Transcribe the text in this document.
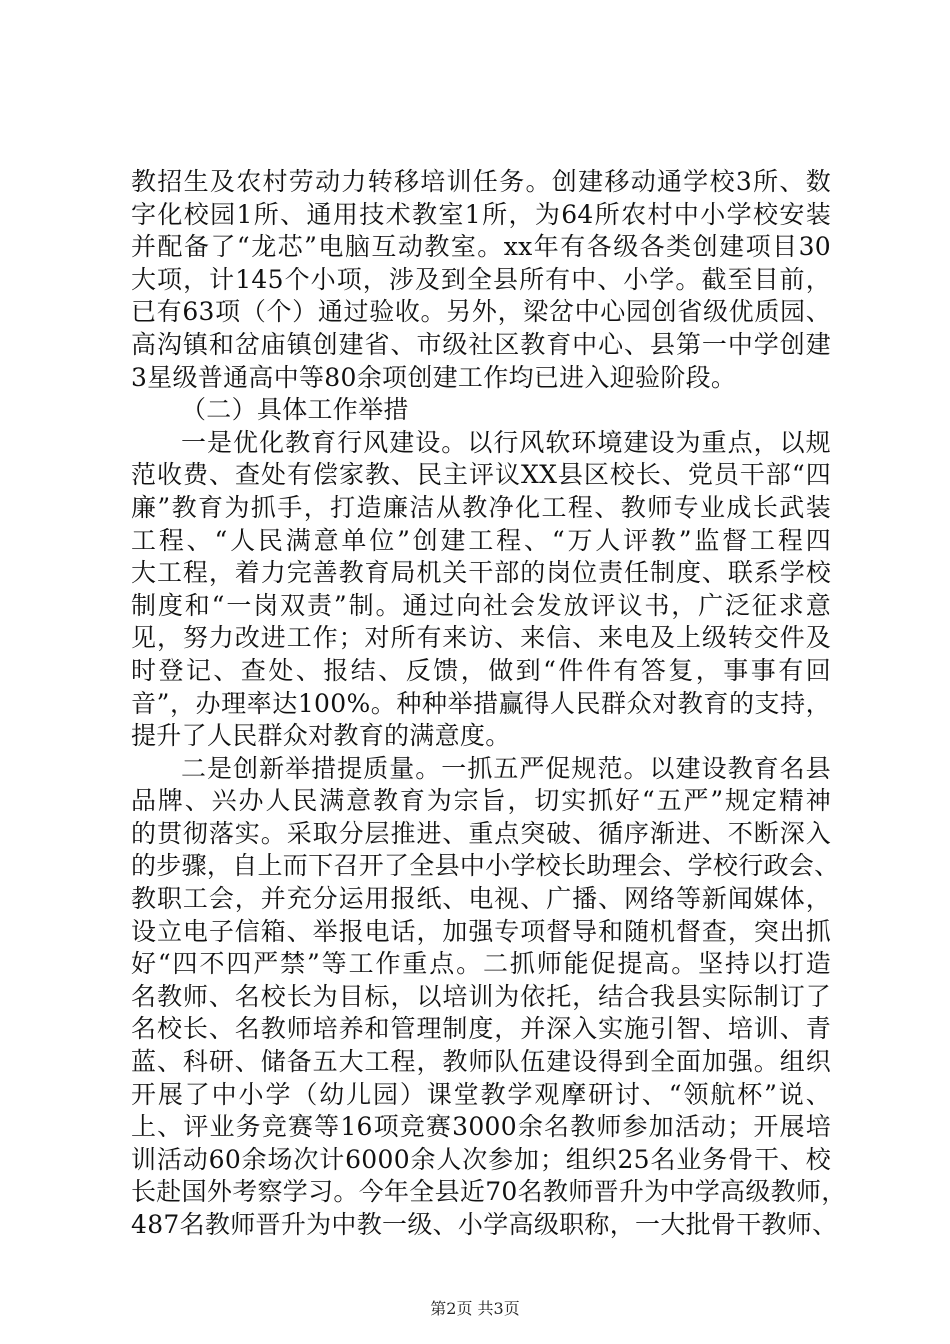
教招生及农村劳动力转移培训任务。创建移动通学校3所、数
字化校园1所、通用技术教室1所，为64所农村中小学校安装
并配备了“龙芯”电脑互动教室。xx年有各级各类创建项目30
大项，计145个小项，涉及到全县所有中、小学。截至目前，
已有63项（个）通过验收。另外，梁岔中心园创省级优质园、
高沟镇和岔庙镇创建省、市级社区教育中心、县第一中学创建
3星级普通高中等80余项创建工作均已进入迎验阶段。
（二）具体工作举措
一是优化教育行风建设。以行风软环境建设为重点，以规
范收费、查处有偿家教、民主评议XX县区校长、党员干部“四
廉”教育为抓手，打造廉洁从教净化工程、教师专业成长武装
工程、“人民满意单位”创建工程、“万人评教”监督工程四
大工程，着力完善教育局机关干部的岗位责任制度、联系学校
制度和“一岗双责”制。通过向社会发放评议书，广泛征求意
见，努力改进工作；对所有来访、来信、来电及上级转交件及
时登记、查处、报结、反馈，做到“件件有答复，事事有回
音”，办理率达100%。种种举措赢得人民群众对教育的支持，
提升了人民群众对教育的满意度。
二是创新举措提质量。一抓五严促规范。以建设教育名县
品牌、兴办人民满意教育为宗旨，切实抓好“五严”规定精神
的贯彻落实。采取分层推进、重点突破、循序渐进、不断深入
的步骤，自上而下召开了全县中小学校长助理会、学校行政会、
教职工会，并充分运用报纸、电视、广播、网络等新闻媒体，
设立电子信箱、举报电话，加强专项督导和随机督查，突出抓
好“四不四严禁”等工作重点。二抓师能促提高。坚持以打造
名教师、名校长为目标，以培训为依托，结合我县实际制订了
名校长、名教师培养和管理制度，并深入实施引智、培训、青
蓝、科研、储备五大工程，教师队伍建设得到全面加强。组织
开展了中小学（幼儿园）课堂教学观摩研讨、“领航杯”说、
上、评业务竞赛等16项竞赛3000余名教师参加活动；开展培
训活动60余场次计6000余人次参加；组织25名业务骨干、校
长赴国外考察学习。今年全县近70名教师晋升为中学高级教师，
487名教师晋升为中教一级、小学高级职称，一大批骨干教师、
第2页 共3页
